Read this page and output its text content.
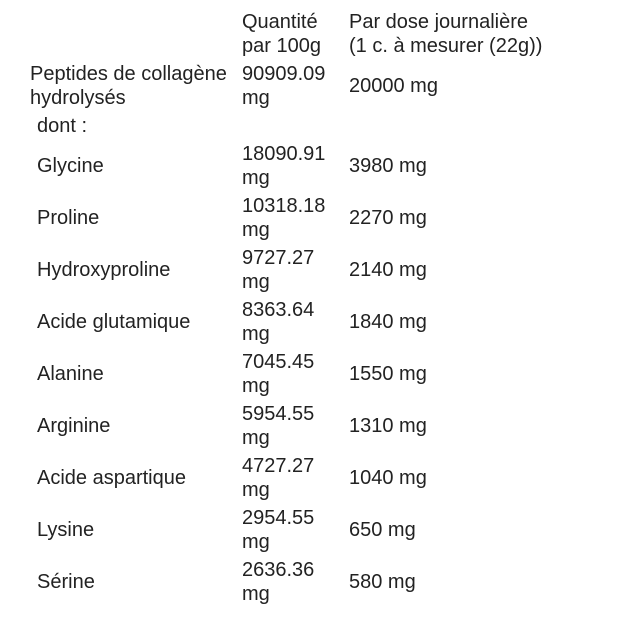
	Quantité par 100g	Par dose journalière (1 c. à mesurer (22g))

Peptides de collagène hydrolysés	90909.09 mg	20000 mg
dont :		
Glycine	18090.91 mg	3980 mg
Proline	10318.18 mg	2270 mg
Hydroxyproline	9727.27 mg	2140 mg
Acide glutamique	8363.64 mg	1840 mg
Alanine	7045.45 mg	1550 mg
Arginine	5954.55 mg	1310 mg
Acide aspartique	4727.27 mg	1040 mg
Lysine	2954.55 mg	650 mg
Sérine	2636.36 mg	580 mg
